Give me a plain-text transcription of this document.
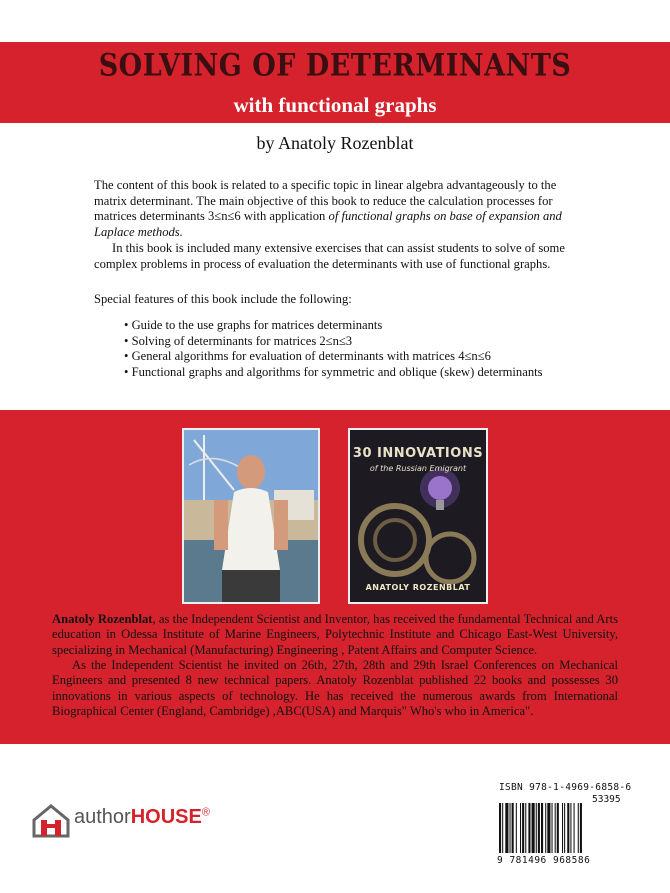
SOLVING OF DETERMINANTS
with functional graphs
by Anatoly Rozenblat

The content of this book is related to a specific topic in linear algebra advantageously to the matrix determinant. The main objective of this book to reduce the calculation processes for matrices determinants 3≤n≤6 with application of functional graphs on base of expansion and Laplace methods.

In this book is included many extensive exercises that can assist students to solve of some complex problems in process of evaluation the determinants with use of functional graphs.

Special features of this book include the following:

• Guide to the use graphs for matrices determinants
• Solving of determinants for matrices 2≤n≤3
• General algorithms for evaluation of determinants with matrices 4≤n≤6
• Functional graphs and algorithms for symmetric and oblique (skew) determinants
30 INNOVATIONS
of the Russian Emigrant
ANATOLY ROZENBLAT

Anatoly Rozenblat, as the Independent Scientist and Inventor, has received the fundamental Technical and Arts education in Odessa Institute of Marine Engineers, Polytechnic Institute and Chicago East-West University, specializing in Mechanical (Manufacturing) Engineering , Patent Affairs and Computer Science.

As the Independent Scientist he invited on 26th, 27th, 28th and 29th Israel Conferences on Mechanical Engineers and presented 8 new technical papers. Anatoly Rozenblat published 22 books and possesses 30 innovations in various aspects of technology. He has received the numerous awards from International Biographical Center (England, Cambridge) ,ABC(USA) and Marquis" Who's who in America".

authorHOUSE®
ISBN 978-1-4969-6858-6
53395
9 781496 968586
